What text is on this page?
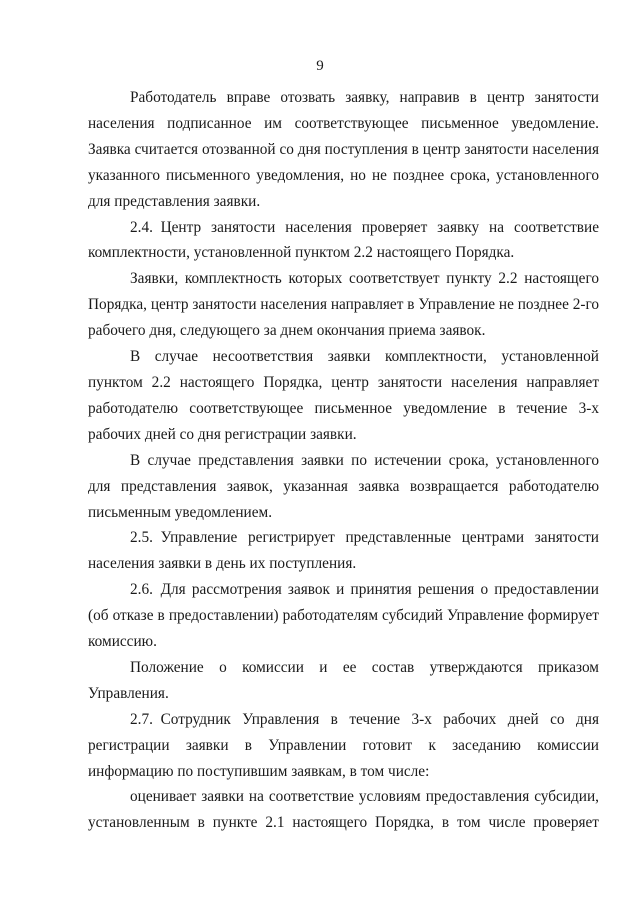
9

Работодатель вправе отозвать заявку, направив в центр занятости населения подписанное им соответствующее письменное уведомление. Заявка считается отозванной со дня поступления в центр занятости населения указанного письменного уведомления, но не позднее срока, установленного для представления заявки.

2.4. Центр занятости населения проверяет заявку на соответствие комплектности, установленной пунктом 2.2 настоящего Порядка.

Заявки, комплектность которых соответствует пункту 2.2 настоящего Порядка, центр занятости населения направляет в Управление не позднее 2-го рабочего дня, следующего за днем окончания приема заявок.

В случае несоответствия заявки комплектности, установленной пунктом 2.2 настоящего Порядка, центр занятости населения направляет работодателю соответствующее письменное уведомление в течение 3-х рабочих дней со дня регистрации заявки.

В случае представления заявки по истечении срока, установленного для представления заявок, указанная заявка возвращается работодателю письменным уведомлением.

2.5. Управление регистрирует представленные центрами занятости населения заявки в день их поступления.

2.6. Для рассмотрения заявок и принятия решения о предоставлении (об отказе в предоставлении) работодателям субсидий Управление формирует комиссию.

Положение о комиссии и ее состав утверждаются приказом Управления.

2.7. Сотрудник Управления в течение 3-х рабочих дней со дня регистрации заявки в Управлении готовит к заседанию комиссии информацию по поступившим заявкам, в том числе:

оценивает заявки на соответствие условиям предоставления субсидии, установленным в пункте 2.1 настоящего Порядка, в том числе проверяет
